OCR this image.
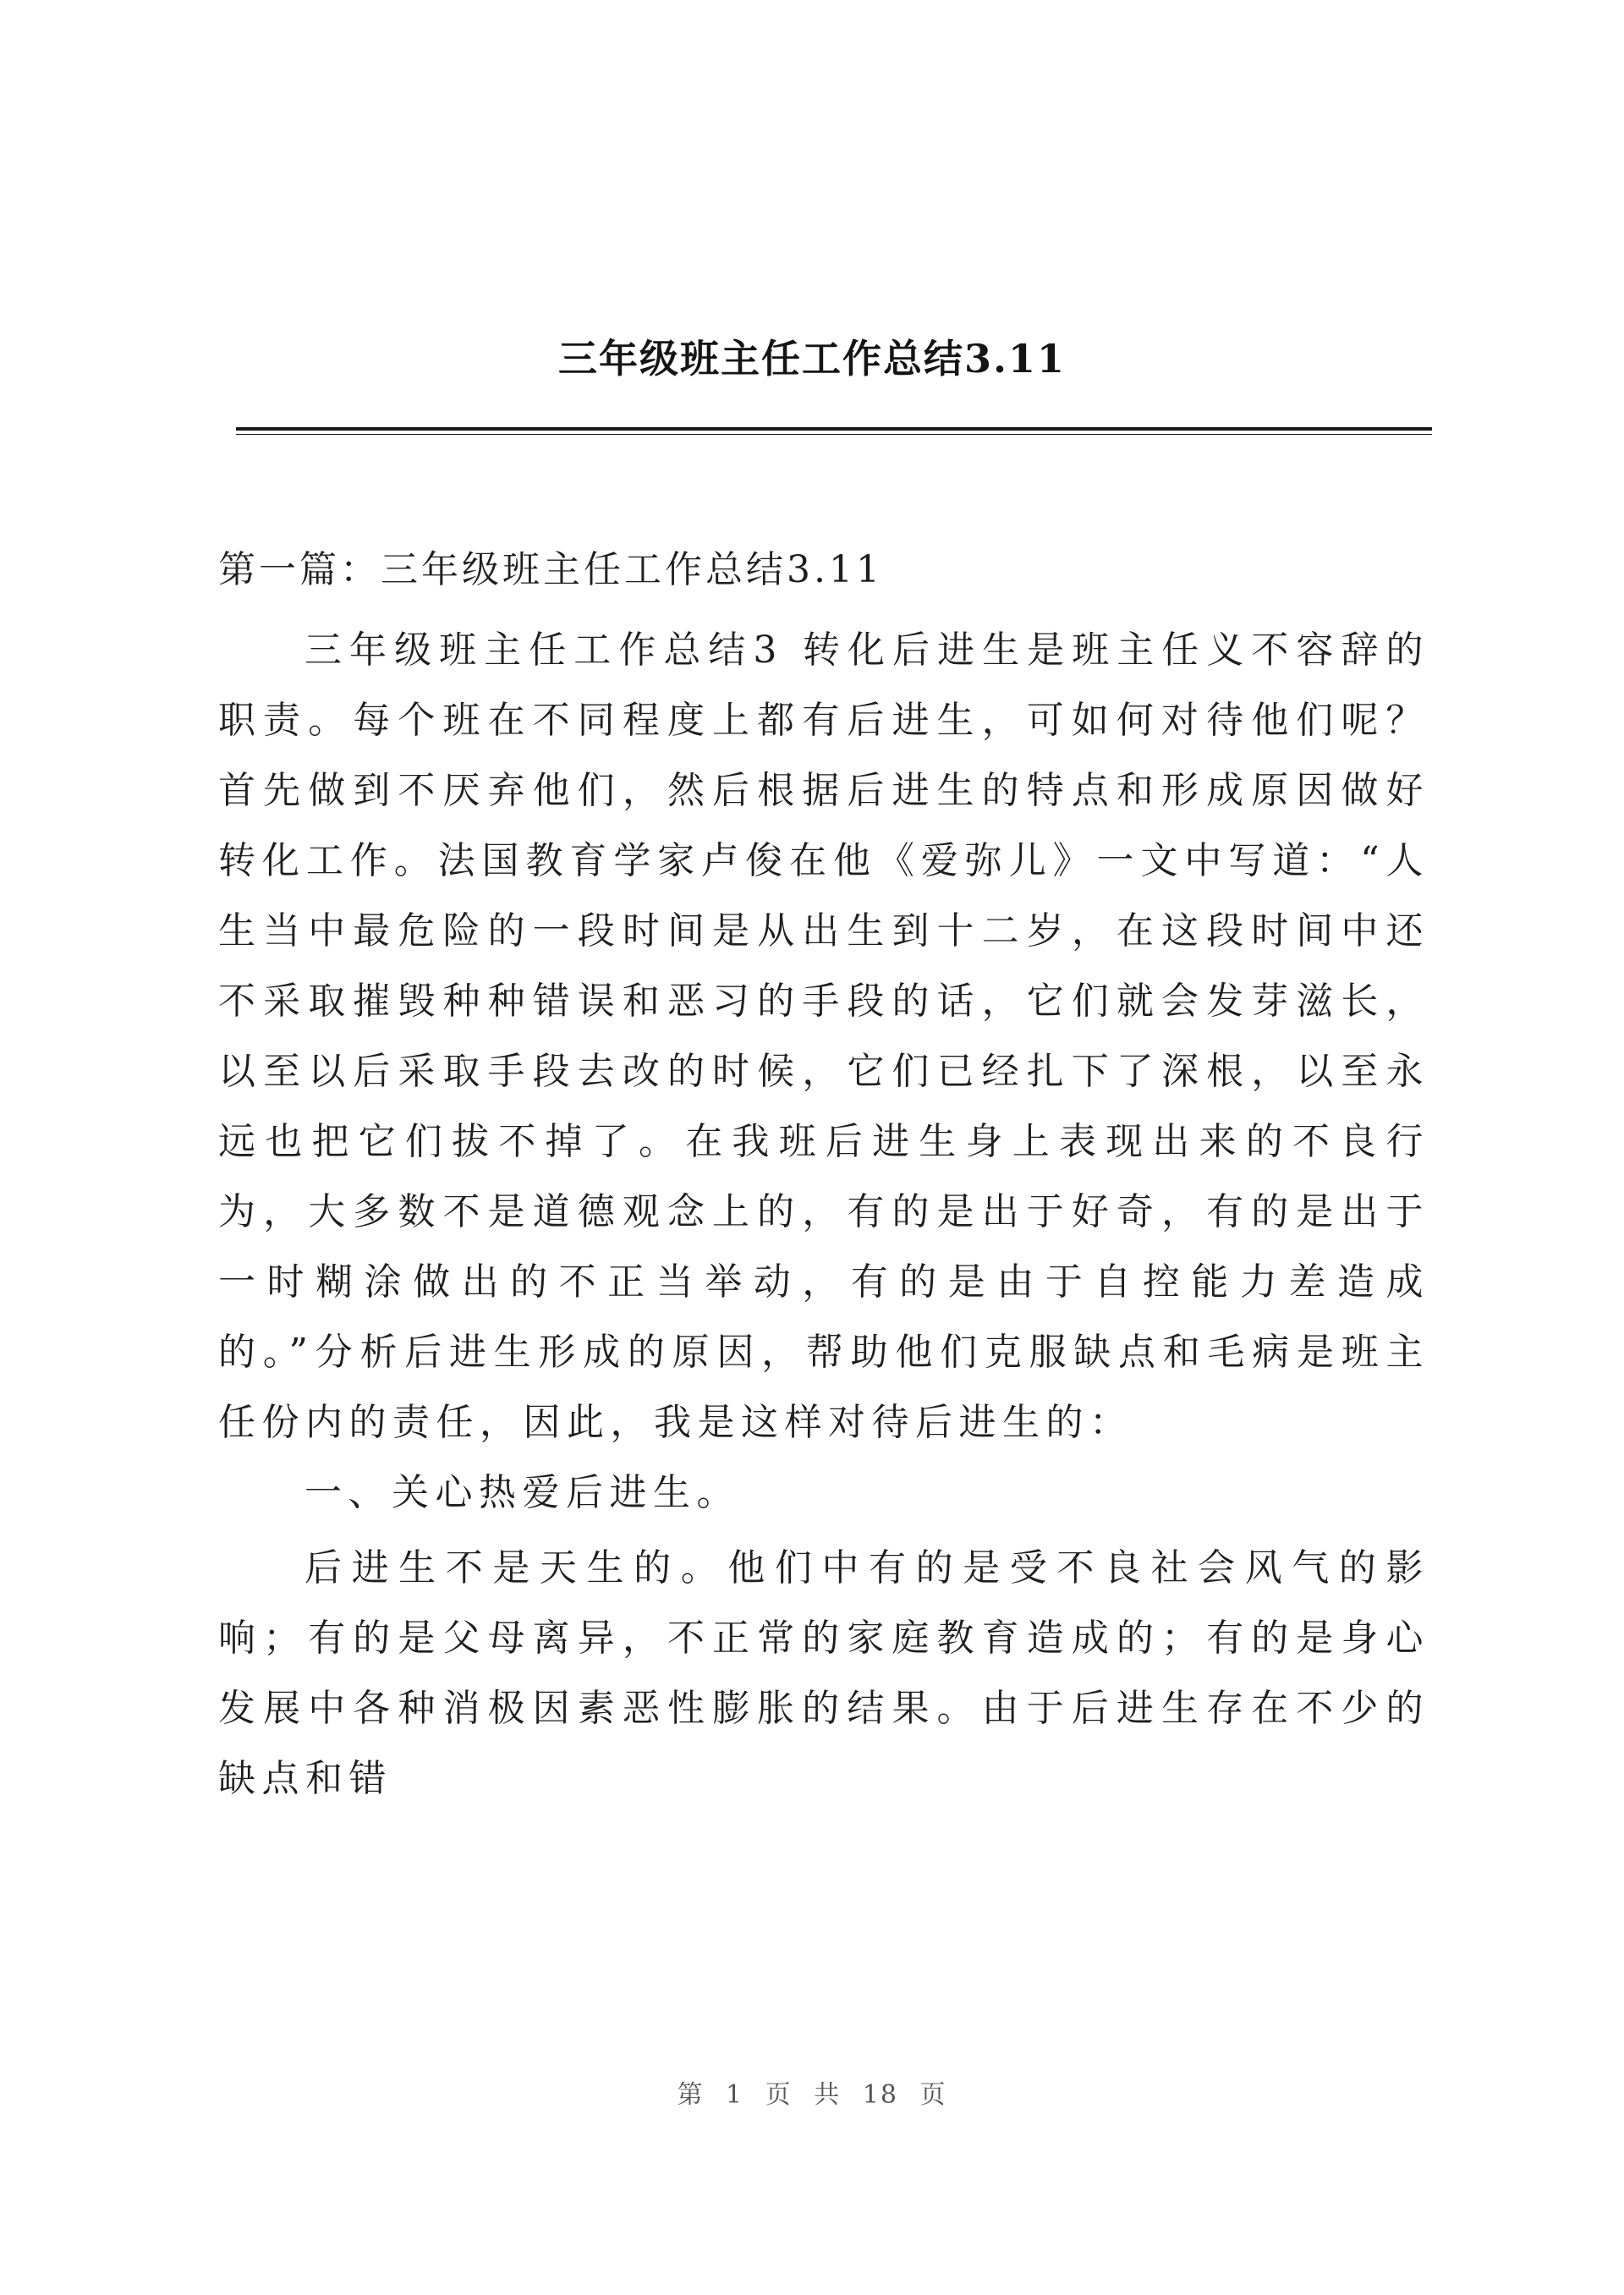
三年级班主任工作总结3.11
第一篇：三年级班主任工作总结3.11

三年级班主任工作总结3 转化后进生是班主任义不容辞的职责。每个班在不同程度上都有后进生，可如何对待他们呢？首先做到不厌弃他们，然后根据后进生的特点和形成原因做好转化工作。法国教育学家卢俊在他《爱弥儿》一文中写道：“人生当中最危险的一段时间是从出生到十二岁，在这段时间中还不采取摧毁种种错误和恶习的手段的话，它们就会发芽滋长，以至以后采取手段去改的时候，它们已经扎下了深根，以至永远也把它们拔不掉了。在我班后进生身上表现出来的不良行为，大多数不是道德观念上的，有的是出于好奇，有的是出于一时糊涂做出的不正当举动，有的是由于自控能力差造成的。”分析后进生形成的原因，帮助他们克服缺点和毛病是班主任份内的责任，因此，我是这样对待后进生的：

一、关心热爱后进生。

后进生不是天生的。他们中有的是受不良社会风气的影响；有的是父母离异，不正常的家庭教育造成的；有的是身心发展中各种消极因素恶性膨胀的结果。由于后进生存在不少的缺点和错

第 1 页 共 18 页
